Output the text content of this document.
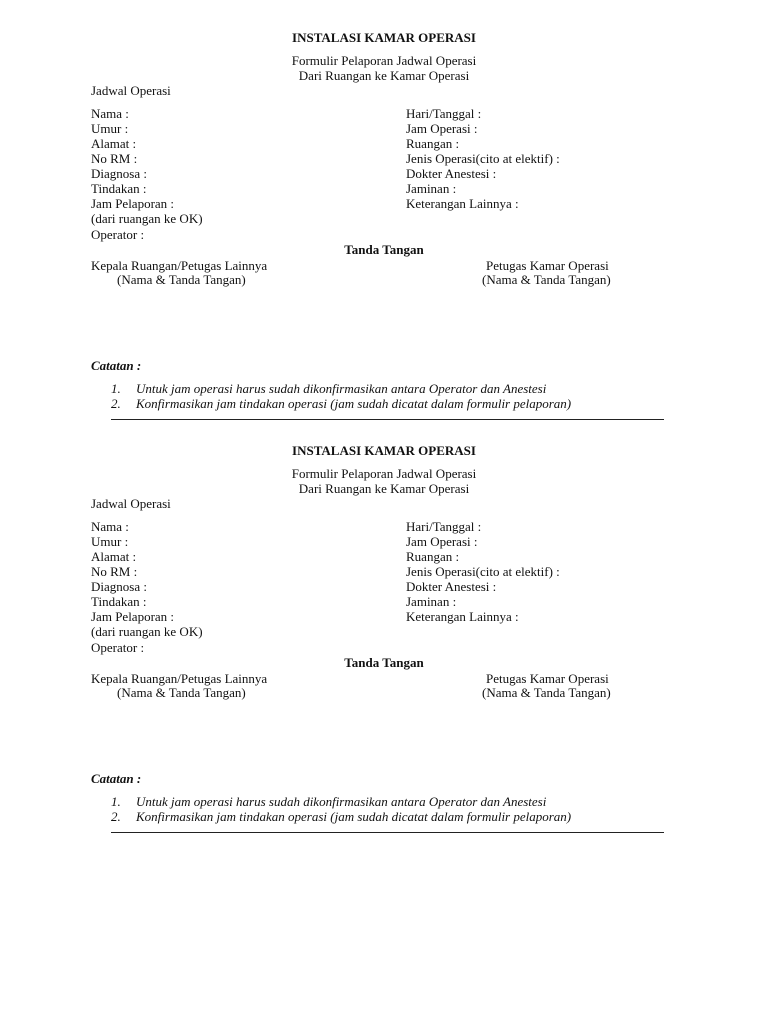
INSTALASI KAMAR OPERASI
Formulir Pelaporan Jadwal Operasi
Dari Ruangan ke Kamar Operasi
Jadwal Operasi
Nama :
Umur :
Alamat :
No RM :
Diagnosa :
Tindakan :
Jam Pelaporan :
(dari ruangan ke OK)
Operator :
Hari/Tanggal :
Jam Operasi :
Ruangan :
Jenis Operasi(cito at elektif) :
Dokter Anestesi :
Jaminan :
Keterangan Lainnya :
Tanda Tangan
Kepala Ruangan/Petugas Lainnya
(Nama & Tanda Tangan)
Petugas Kamar Operasi
(Nama & Tanda Tangan)
Catatan :
1. Untuk jam operasi harus sudah dikonfirmasikan antara Operator dan Anestesi
2. Konfirmasikan jam tindakan operasi (jam sudah dicatat dalam formulir pelaporan)
INSTALASI KAMAR OPERASI
Formulir Pelaporan Jadwal Operasi
Dari Ruangan ke Kamar Operasi
Jadwal Operasi
Nama :
Umur :
Alamat :
No RM :
Diagnosa :
Tindakan :
Jam Pelaporan :
(dari ruangan ke OK)
Operator :
Hari/Tanggal :
Jam Operasi :
Ruangan :
Jenis Operasi(cito at elektif) :
Dokter Anestesi :
Jaminan :
Keterangan Lainnya :
Tanda Tangan
Kepala Ruangan/Petugas Lainnya
(Nama & Tanda Tangan)
Petugas Kamar Operasi
(Nama & Tanda Tangan)
Catatan :
1. Untuk jam operasi harus sudah dikonfirmasikan antara Operator dan Anestesi
2. Konfirmasikan jam tindakan operasi (jam sudah dicatat dalam formulir pelaporan)
